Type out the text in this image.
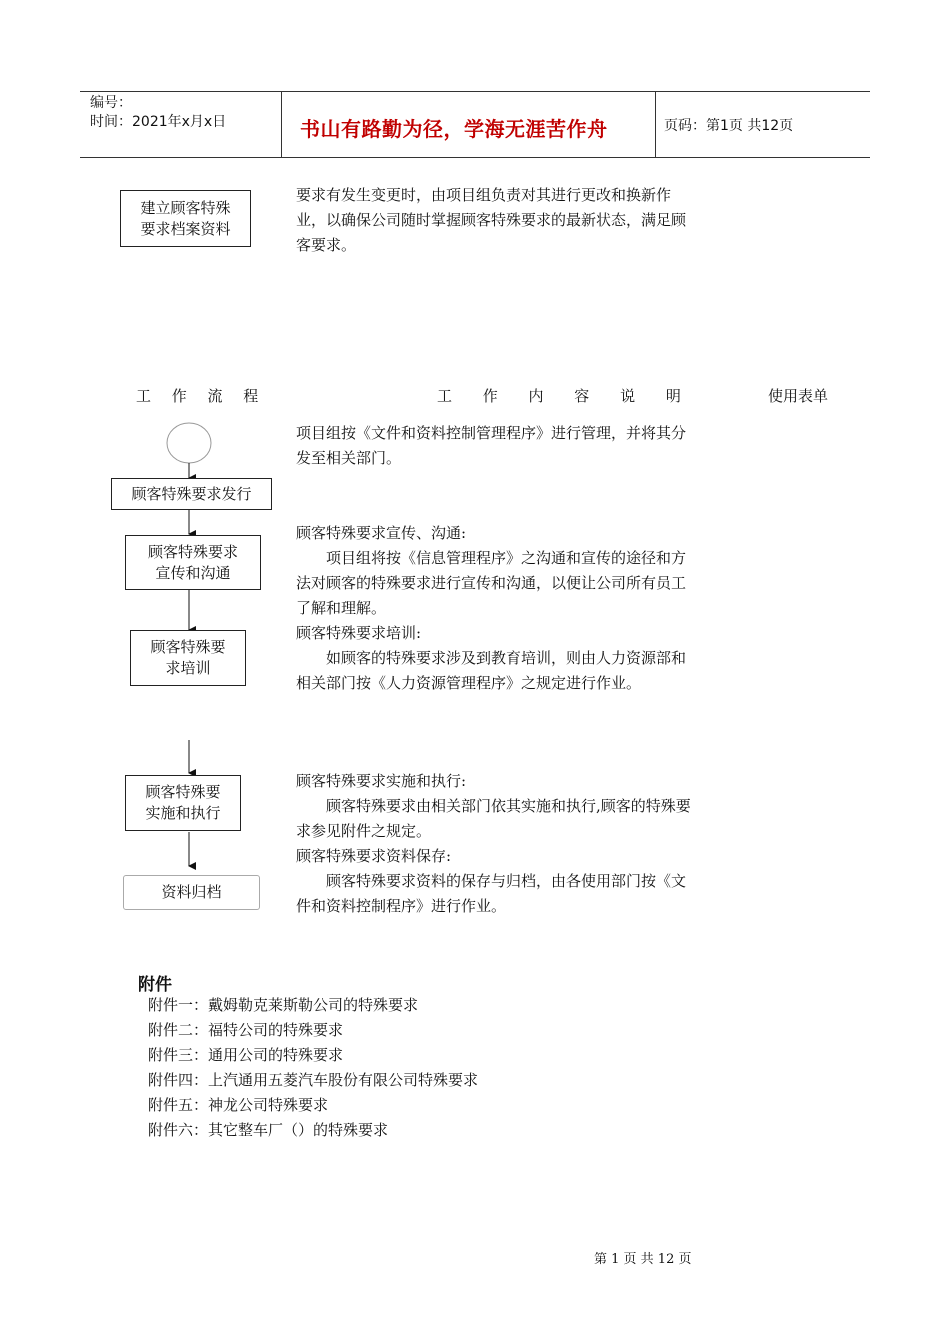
编号：
时间：2021年x月x日	书山有路勤为径，学海无涯苦作舟	页码：第1页 共12页
建立顾客特殊
要求档案资料
要求有发生变更时，由项目组负责对其进行更改和换新作
业，以确保公司随时掌握顾客特殊要求的最新状态，满足顾
客要求。
工 作 流 程	工 作 内 容 说 明	使用表单
顾客特殊要求发行
顾客特殊要求
宣传和沟通
顾客特殊要
求培训
顾客特殊要
实施和执行
资料归档
项目组按《文件和资料控制管理程序》进行管理，并将其分
发至相关部门。
顾客特殊要求宣传、沟通:
项目组将按《信息管理程序》之沟通和宣传的途径和方
法对顾客的特殊要求进行宣传和沟通，以便让公司所有员工
了解和理解。
顾客特殊要求培训:
如顾客的特殊要求涉及到教育培训，则由人力资源部和
相关部门按《人力资源管理程序》之规定进行作业。
顾客特殊要求实施和执行:
顾客特殊要求由相关部门依其实施和执行,顾客的特殊要
求参见附件之规定。
顾客特殊要求资料保存:
顾客特殊要求资料的保存与归档，由各使用部门按《文
件和资料控制程序》进行作业。
附件
附件一：戴姆勒克莱斯勒公司的特殊要求
附件二：福特公司的特殊要求
附件三：通用公司的特殊要求
附件四：上汽通用五菱汽车股份有限公司特殊要求
附件五：神龙公司特殊要求
附件六：其它整车厂（）的特殊要求
第 1 页 共 12 页
